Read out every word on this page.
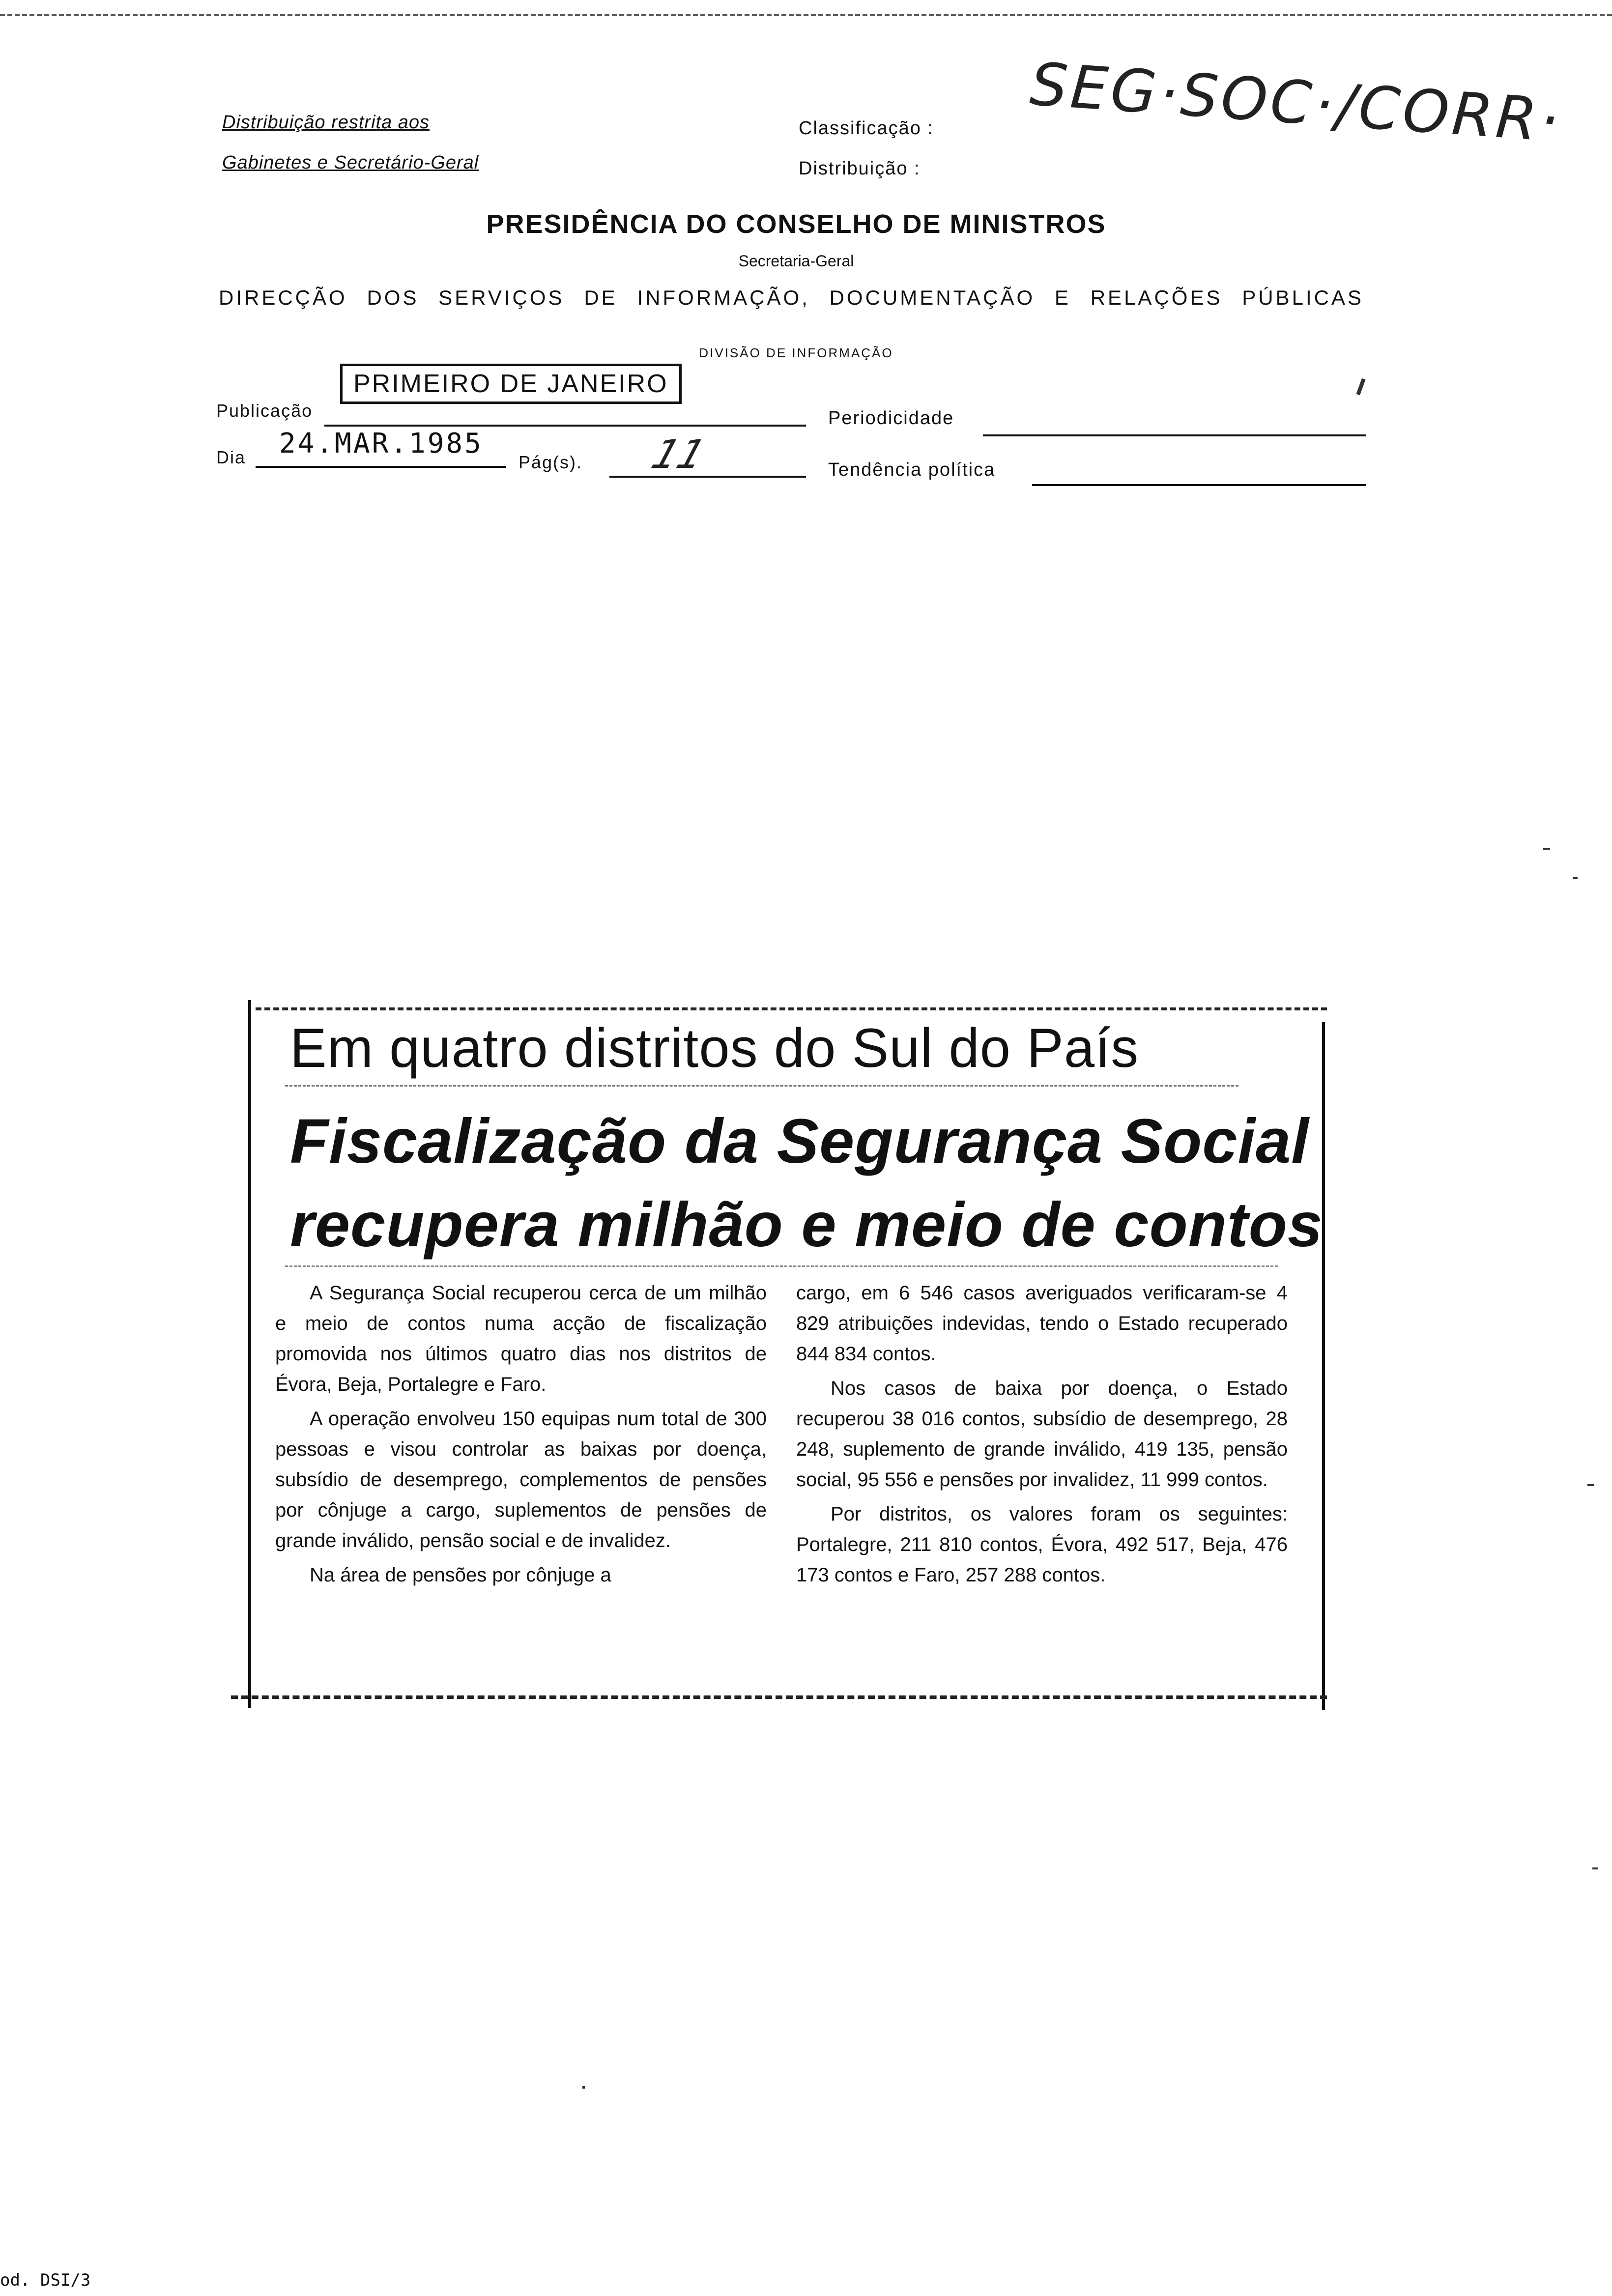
Distribuição restrita aos
Gabinetes e Secretário-Geral
Classificação :
Distribuição :
SEG·SOC·/CORR·
PRESIDÊNCIA DO CONSELHO DE MINISTROS
Secretaria-Geral
DIRECÇÃO DOS SERVIÇOS DE INFORMAÇÃO, DOCUMENTAÇÃO E RELAÇÕES PÚBLICAS
DIVISÃO DE INFORMAÇÃO
Publicação
PRIMEIRO DE JANEIRO
Periodicidade
Dia 24.MAR.1985
Pág(s). 11	Tendência política
Em quatro distritos do Sul do País
Fiscalização da Segurança Social
recupera milhão e meio de contos

A Segurança Social recuperou cerca de um milhão e meio de contos numa acção de fiscalização promovida nos últimos quatro dias nos distritos de Évora, Beja, Portalegre e Faro.

A operação envolveu 150 equipas num total de 300 pessoas e visou controlar as baixas por doença, subsídio de desemprego, complementos de pensões por cônjuge a cargo, suplementos de pensões de grande inválido, pensão social e de invalidez.

Na área de pensões por cônjuge a

cargo, em 6 546 casos averiguados verificaram-se 4 829 atribuições indevidas, tendo o Estado recuperado 844 834 contos.

Nos casos de baixa por doença, o Estado recuperou 38 016 contos, subsídio de desemprego, 28 248, suplemento de grande inválido, 419 135, pensão social, 95 556 e pensões por invalidez, 11 999 contos.

Por distritos, os valores foram os seguintes: Portalegre, 211 810 contos, Évora, 492 517, Beja, 476 173 contos e Faro, 257 288 contos.

od. DSI/3
